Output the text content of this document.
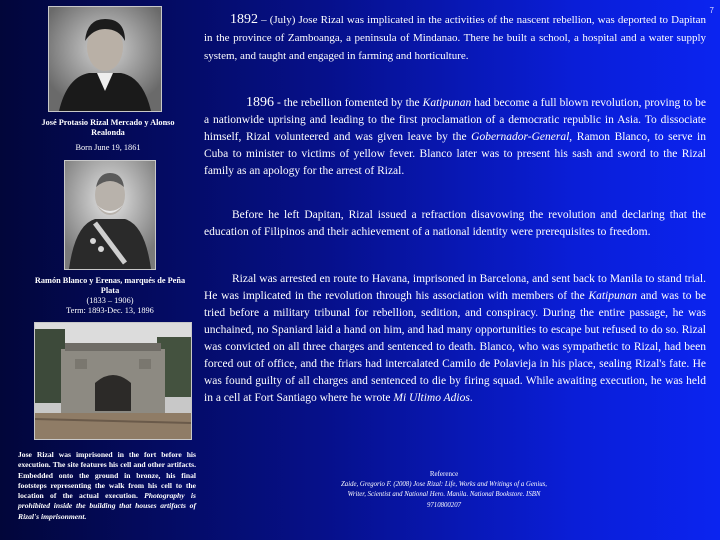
7
José Protasio Rizal Mercado y Alonso Realonda
Born June 19, 1861
Ramón Blanco y Erenas, marqués de Peña Plata
(1833 – 1906)
Term: 1893-Dec. 13, 1896
Jose Rizal was imprisoned in the fort before his execution. The site features his cell and other artifacts. Embedded onto the ground in bronze, his final footsteps representing the walk from his cell to the location of the actual execution. Photography is prohibited inside the building that houses artifacts of Rizal's imprisonment.

1892 – (July) Jose Rizal was implicated in the activities of the nascent rebellion, was deported to Dapitan in the province of Zamboanga, a peninsula of Mindanao. There he built a school, a hospital and a water supply system, and taught and engaged in farming and horticulture.

1896 - the rebellion fomented by the Katipunan had become a full blown revolution, proving to be a nationwide uprising and leading to the first proclamation of a democratic republic in Asia. To dissociate himself, Rizal volunteered and was given leave by the Gobernador-General, Ramon Blanco, to serve in Cuba to minister to victims of yellow fever. Blanco later was to present his sash and sword to the Rizal family as an apology for the arrest of Rizal.

Before he left Dapitan, Rizal issued a refraction disavowing the revolution and declaring that the education of Filipinos and their achievement of a national identity were prerequisites to freedom.

Rizal was arrested en route to Havana, imprisoned in Barcelona, and sent back to Manila to stand trial. He was implicated in the revolution through his association with members of the Katipunan and was to be tried before a military tribunal for rebellion, sedition, and conspiracy. During the entire passage, he was unchained, no Spaniard laid a hand on him, and had many opportunities to escape but refused to do so. Rizal was convicted on all three charges and sentenced to death. Blanco, who was sympathetic to Rizal, had been forced out of office, and the friars had intercalated Camilo de Polavieja in his place, sealing Rizal's fate. He was found guilty of all charges and sentenced to die by firing squad. While awaiting execution, he was held in a cell at Fort Santiago where he wrote Mi Ultimo Adios.

Reference
Zaide, Gregorio F. (2008) Jose Rizal: Life, Works and Writings of a Genius, Writer, Scientist and National Hero. Manila. National Bookstore. ISBN 9710800207
